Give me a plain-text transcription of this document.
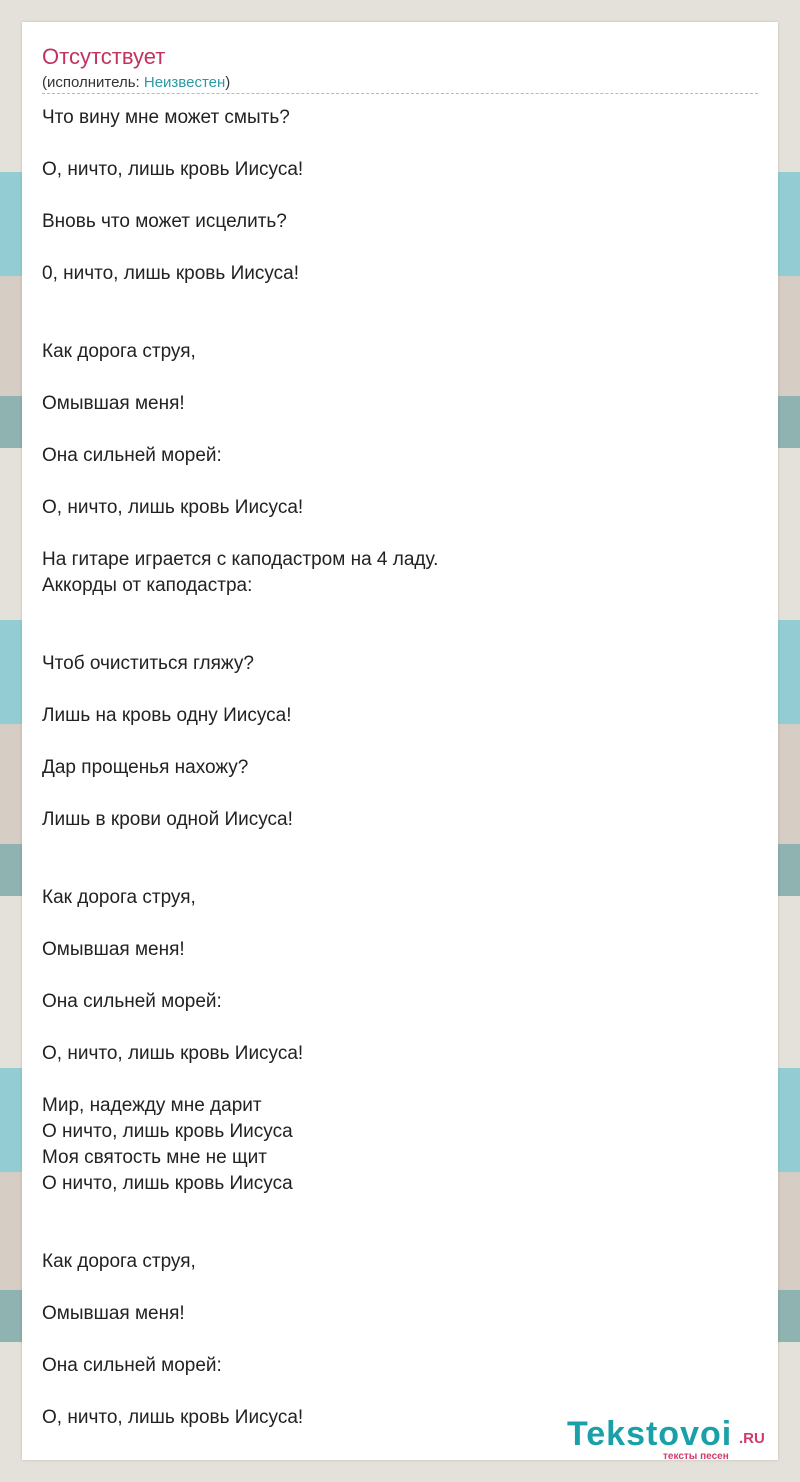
Отсутствует
(исполнитель: Неизвестен)
Что вину мне может смыть?
О, ничто, лишь кровь Иисуса!
Вновь что может исцелить?
0, ничто, лишь кровь Иисуса!
Как дорога струя,
Омывшая меня!
Она сильней морей:
О, ничто, лишь кровь Иисуса!
На гитаре играется с каподастром на 4 ладу.
Аккорды от каподастра:
Чтоб очиститься гляжу?
Лишь на кровь одну Иисуса!
Дар прощенья нахожу?
Лишь в крови одной Иисуса!
Как дорога струя,
Омывшая меня!
Она сильней морей:
О, ничто, лишь кровь Иисуса!
Мир, надежду мне дарит
О ничто, лишь кровь Иисуса
Моя святость мне не щит
О ничто, лишь кровь Иисуса
Как дорога струя,
Омывшая меня!
Она сильней морей:
О, ничто, лишь кровь Иисуса!	Tekstovoi .RU
тексты песен
